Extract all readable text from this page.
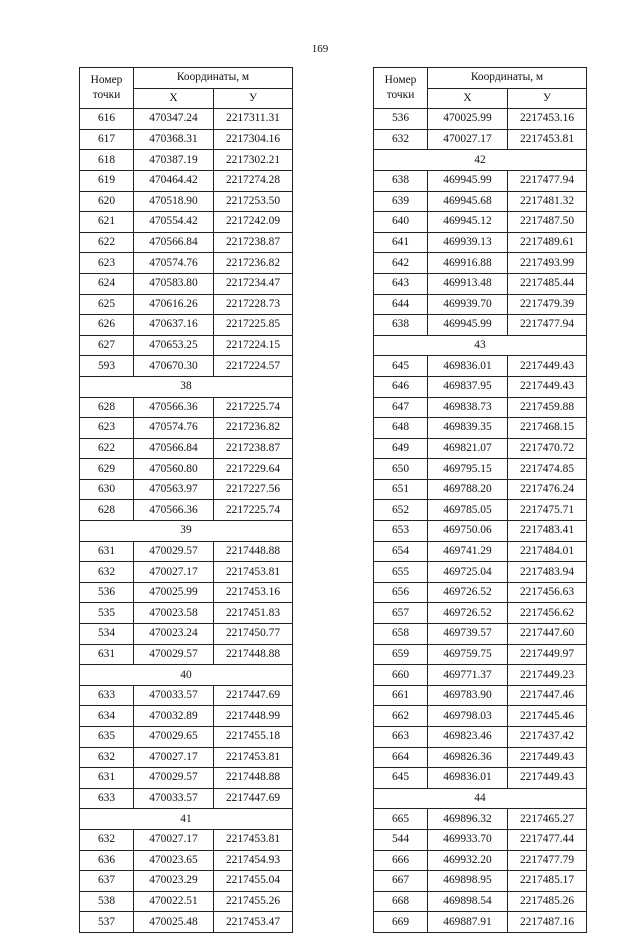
169
Номер
точки	Координаты, м	
	X	У
616	470347.24	2217311.31
617	470368.31	2217304.16
618	470387.19	2217302.21
619	470464.42	2217274.28
620	470518.90	2217253.50
621	470554.42	2217242.09
622	470566.84	2217238.87
623	470574.76	2217236.82
624	470583.80	2217234.47
625	470616.26	2217228.73
626	470637.16	2217225.85
627	470653.25	2217224.15
593	470670.30	2217224.57
38		
628	470566.36	2217225.74
623	470574.76	2217236.82
622	470566.84	2217238.87
629	470560.80	2217229.64
630	470563.97	2217227.56
628	470566.36	2217225.74
39		
631	470029.57	2217448.88
632	470027.17	2217453.81
536	470025.99	2217453.16
535	470023.58	2217451.83
534	470023.24	2217450.77
631	470029.57	2217448.88
40		
633	470033.57	2217447.69
634	470032.89	2217448.99
635	470029.65	2217455.18
632	470027.17	2217453.81
631	470029.57	2217448.88
633	470033.57	2217447.69
41		
632	470027.17	2217453.81
636	470023.65	2217454.93
637	470023.29	2217455.04
538	470022.51	2217455.26
537	470025.48	2217453.47
Номер
точки	Координаты, м	
	X	У
536	470025.99	2217453.16
632	470027.17	2217453.81
42		
638	469945.99	2217477.94
639	469945.68	2217481.32
640	469945.12	2217487.50
641	469939.13	2217489.61
642	469916.88	2217493.99
643	469913.48	2217485.44
644	469939.70	2217479.39
638	469945.99	2217477.94
43		
645	469836.01	2217449.43
646	469837.95	2217449.43
647	469838.73	2217459.88
648	469839.35	2217468.15
649	469821.07	2217470.72
650	469795.15	2217474.85
651	469788.20	2217476.24
652	469785.05	2217475.71
653	469750.06	2217483.41
654	469741.29	2217484.01
655	469725.04	2217483.94
656	469726.52	2217456.63
657	469726.52	2217456.62
658	469739.57	2217447.60
659	469759.75	2217449.97
660	469771.37	2217449.23
661	469783.90	2217447.46
662	469798.03	2217445.46
663	469823.46	2217437.42
664	469826.36	2217449.43
645	469836.01	2217449.43
44		
665	469896.32	2217465.27
544	469933.70	2217477.44
666	469932.20	2217477.79
667	469898.95	2217485.17
668	469898.54	2217485.26
669	469887.91	2217487.16
